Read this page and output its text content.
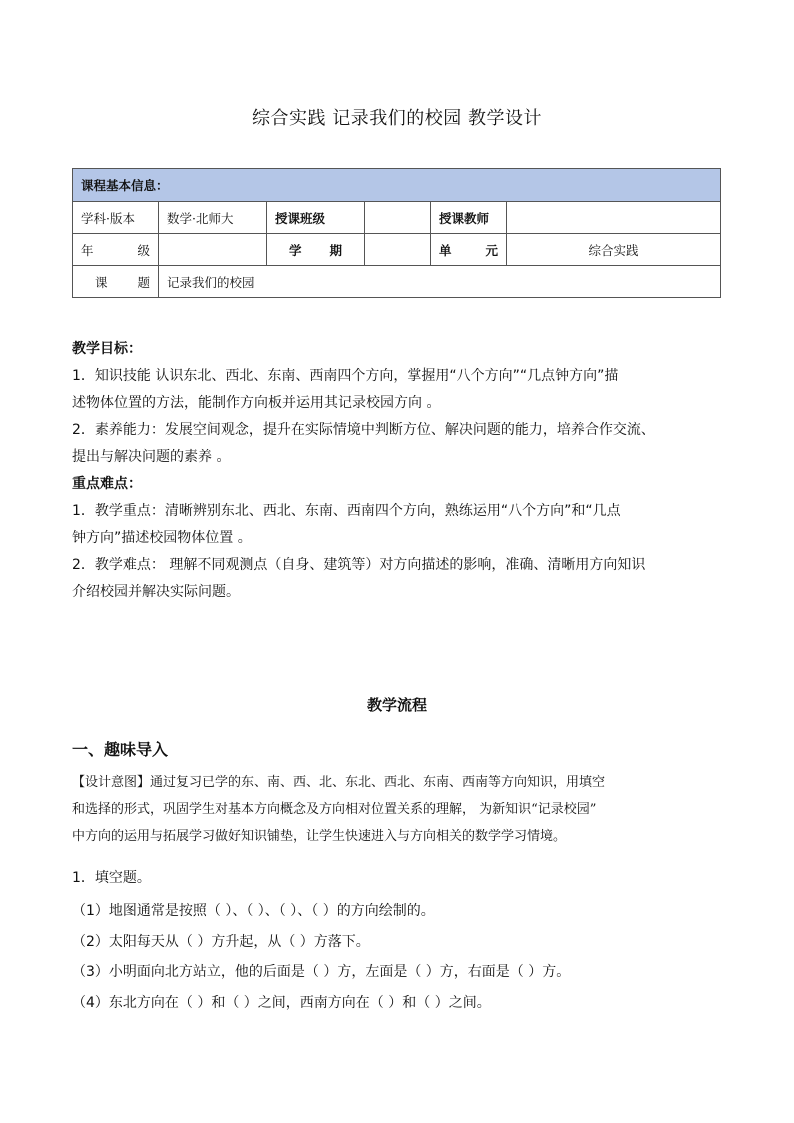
综合实践 记录我们的校园 教学设计
课程基本信息：					
学科·版本	数学·北师大	授课班级		授课教师	

年 级		学 期		单 元	综合实践

课 题	记录我们的校园				
教学目标：
1．知识技能 认识东北、西北、东南、西南四个方向，掌握用“八个方向”“几点钟方向”描
述物体位置的方法，能制作方向板并运用其记录校园方向 。
2．素养能力：发展空间观念，提升在实际情境中判断方位、解决问题的能力，培养合作交流、
提出与解决问题的素养 。
重点难点：
1．教学重点：清晰辨别东北、西北、东南、西南四个方向，熟练运用“八个方向”和“几点
钟方向”描述校园物体位置 。
2．教学难点： 理解不同观测点（自身、建筑等）对方向描述的影响，准确、清晰用方向知识
介绍校园并解决实际问题。
教学流程
一、趣味导入
【设计意图】通过复习已学的东、南、西、北、东北、西北、东南、西南等方向知识，用填空
和选择的形式，巩固学生对基本方向概念及方向相对位置关系的理解， 为新知识“记录校园”
中方向的运用与拓展学习做好知识铺垫，让学生快速进入与方向相关的数学学习情境。
1．填空题。
（1）地图通常是按照（ ）、（ ）、（ ）、（ ）的方向绘制的。
（2）太阳每天从（ ）方升起，从（ ）方落下。
（3）小明面向北方站立，他的后面是（ ）方，左面是（ ）方，右面是（ ）方。
（4）东北方向在（ ）和（ ）之间，西南方向在（ ）和（ ）之间。
